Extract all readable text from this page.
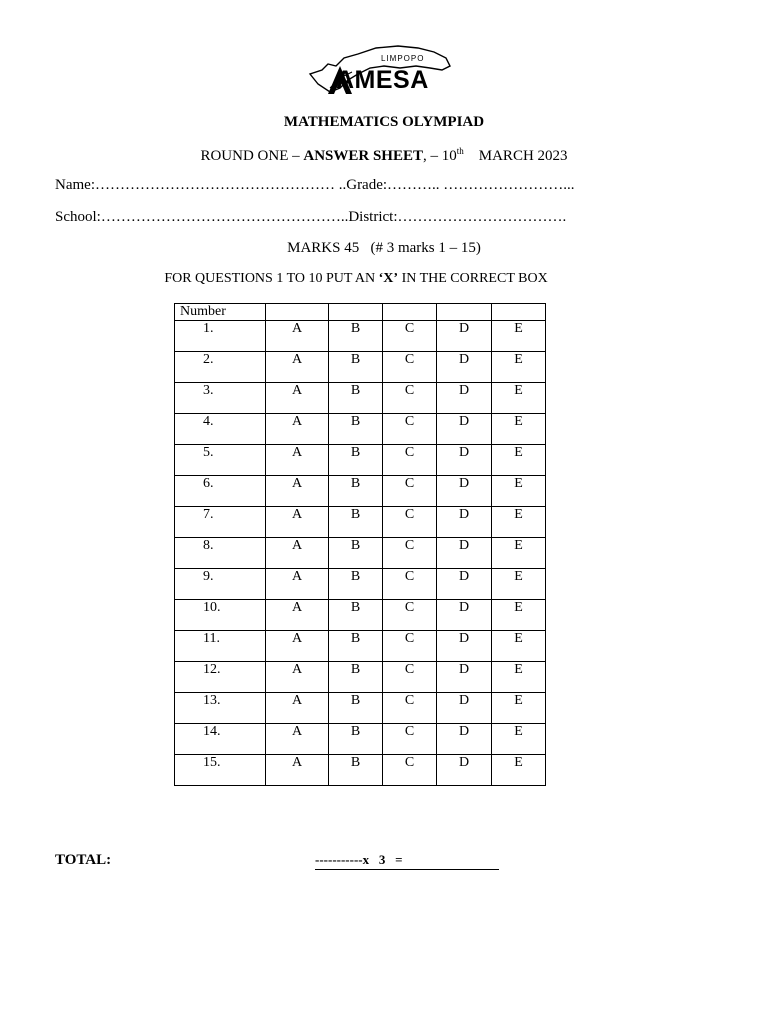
LIMPOPO
AMESA
MATHEMATICS OLYMPIAD
ROUND ONE – ANSWER SHEET, – 10th    MARCH 2023
Name:………………………………………… ..Grade:……….. ……………………...
School:…………………………………………..District:…………………………….
MARKS 45   (# 3 marks 1 – 15)
FOR QUESTIONS 1 TO 10 PUT AN ‘X’ IN THE CORRECT BOX
Number					
1.	A	B	C	D	E
2.	A	B	C	D	E
3.	A	B	C	D	E
4.	A	B	C	D	E
5.	A	B	C	D	E
6.	A	B	C	D	E
7.	A	B	C	D	E
8.	A	B	C	D	E
9.	A	B	C	D	E
10.	A	B	C	D	E
11.	A	B	C	D	E
12.	A	B	C	D	E
13.	A	B	C	D	E
14.	A	B	C	D	E
15.	A	B	C	D	E
TOTAL:	-----------x   3   =
